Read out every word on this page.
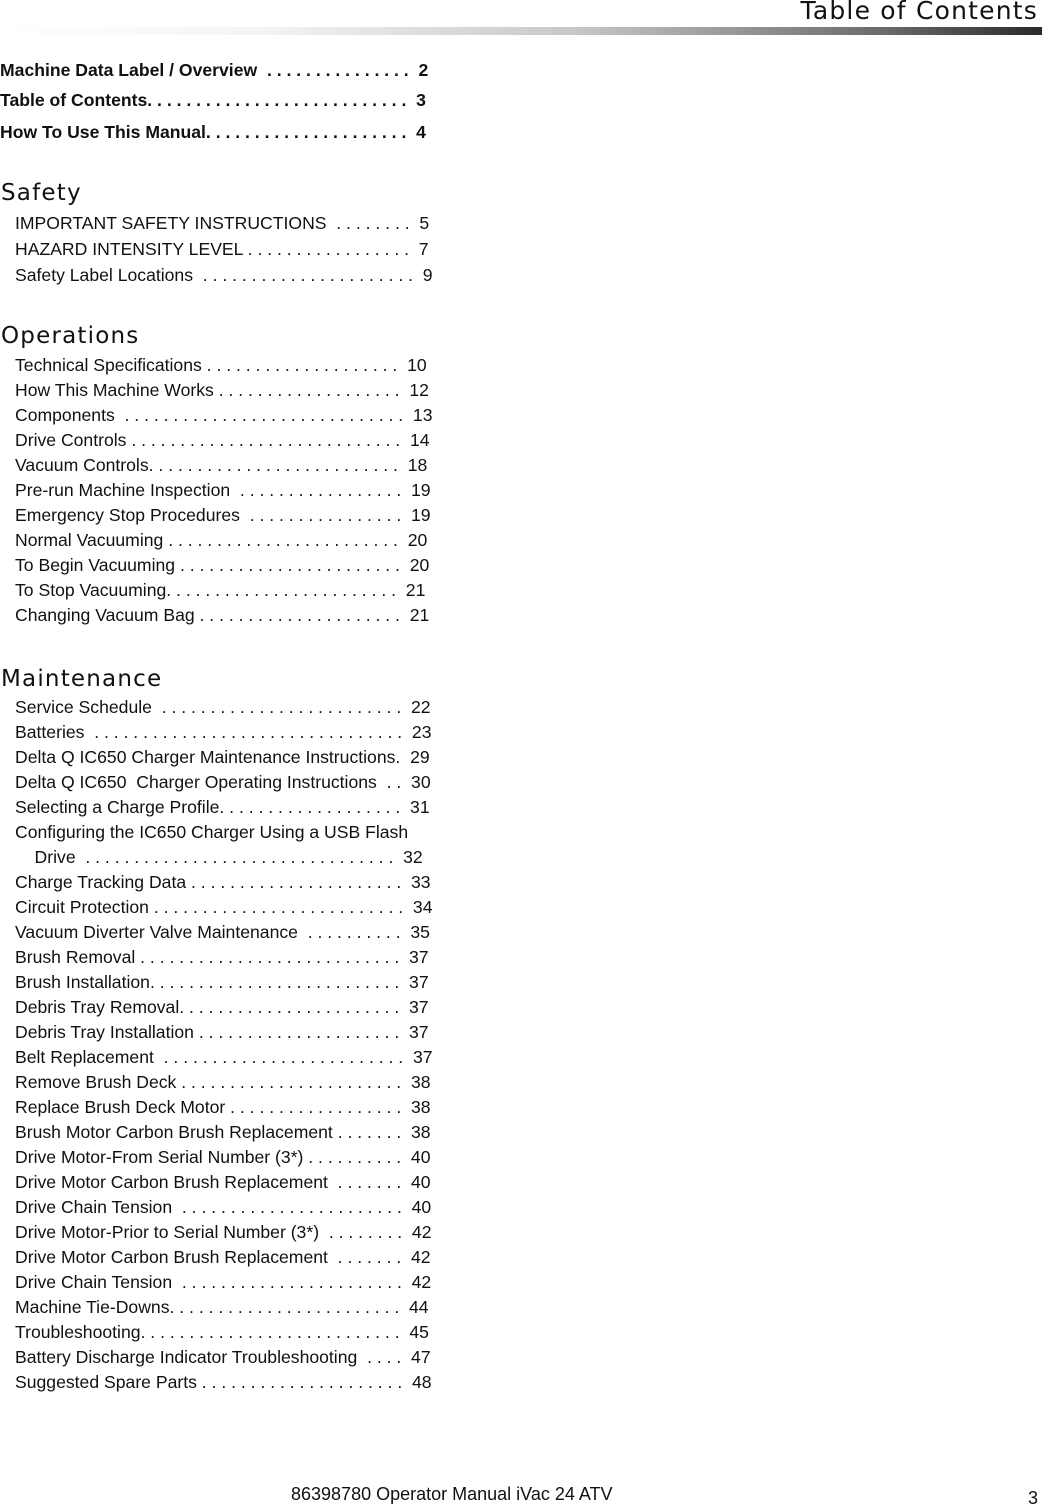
Table of Contents
Machine Data Label / Overview  . . . . . . . . . . . . . . .  2
Table of Contents. . . . . . . . . . . . . . . . . . . . . . . . . . .  3
How To Use This Manual. . . . . . . . . . . . . . . . . . . . .  4
Safety
IMPORTANT SAFETY INSTRUCTIONS  . . . . . . . .  5
HAZARD INTENSITY LEVEL . . . . . . . . . . . . . . . . .  7
Safety Label Locations  . . . . . . . . . . . . . . . . . . . . . .  9
Operations
Technical Specifications . . . . . . . . . . . . . . . . . . . .  10
How This Machine Works . . . . . . . . . . . . . . . . . . .  12
Components  . . . . . . . . . . . . . . . . . . . . . . . . . . . . .  13
Drive Controls . . . . . . . . . . . . . . . . . . . . . . . . . . . .  14
Vacuum Controls. . . . . . . . . . . . . . . . . . . . . . . . . .  18
Pre-run Machine Inspection  . . . . . . . . . . . . . . . . .  19
Emergency Stop Procedures  . . . . . . . . . . . . . . . .  19
Normal Vacuuming . . . . . . . . . . . . . . . . . . . . . . . .  20
To Begin Vacuuming . . . . . . . . . . . . . . . . . . . . . . .  20
To Stop Vacuuming. . . . . . . . . . . . . . . . . . . . . . . .  21
Changing Vacuum Bag . . . . . . . . . . . . . . . . . . . . .  21
Maintenance
Service Schedule  . . . . . . . . . . . . . . . . . . . . . . . . .  22
Batteries  . . . . . . . . . . . . . . . . . . . . . . . . . . . . . . . .  23
Delta Q IC650 Charger Maintenance Instructions.  29
Delta Q IC650  Charger Operating Instructions  . .  30
Selecting a Charge Profile. . . . . . . . . . . . . . . . . . .  31
Configuring the IC650 Charger Using a USB Flash
Drive  . . . . . . . . . . . . . . . . . . . . . . . . . . . . . . . .  32
Charge Tracking Data . . . . . . . . . . . . . . . . . . . . . .  33
Circuit Protection . . . . . . . . . . . . . . . . . . . . . . . . . .  34
Vacuum Diverter Valve Maintenance  . . . . . . . . . .  35
Brush Removal . . . . . . . . . . . . . . . . . . . . . . . . . . .  37
Brush Installation. . . . . . . . . . . . . . . . . . . . . . . . . .  37
Debris Tray Removal. . . . . . . . . . . . . . . . . . . . . . .  37
Debris Tray Installation . . . . . . . . . . . . . . . . . . . . .  37
Belt Replacement  . . . . . . . . . . . . . . . . . . . . . . . . .  37
Remove Brush Deck . . . . . . . . . . . . . . . . . . . . . . .  38
Replace Brush Deck Motor . . . . . . . . . . . . . . . . . .  38
Brush Motor Carbon Brush Replacement . . . . . . .  38
Drive Motor-From Serial Number (3*) . . . . . . . . . .  40
Drive Motor Carbon Brush Replacement  . . . . . . .  40
Drive Chain Tension  . . . . . . . . . . . . . . . . . . . . . . .  40
Drive Motor-Prior to Serial Number (3*)  . . . . . . . .  42
Drive Motor Carbon Brush Replacement  . . . . . . .  42
Drive Chain Tension  . . . . . . . . . . . . . . . . . . . . . . .  42
Machine Tie-Downs. . . . . . . . . . . . . . . . . . . . . . . .  44
Troubleshooting. . . . . . . . . . . . . . . . . . . . . . . . . . .  45
Battery Discharge Indicator Troubleshooting  . . . .  47
Suggested Spare Parts . . . . . . . . . . . . . . . . . . . . .  48
86398780 Operator Manual iVac 24 ATV	3
